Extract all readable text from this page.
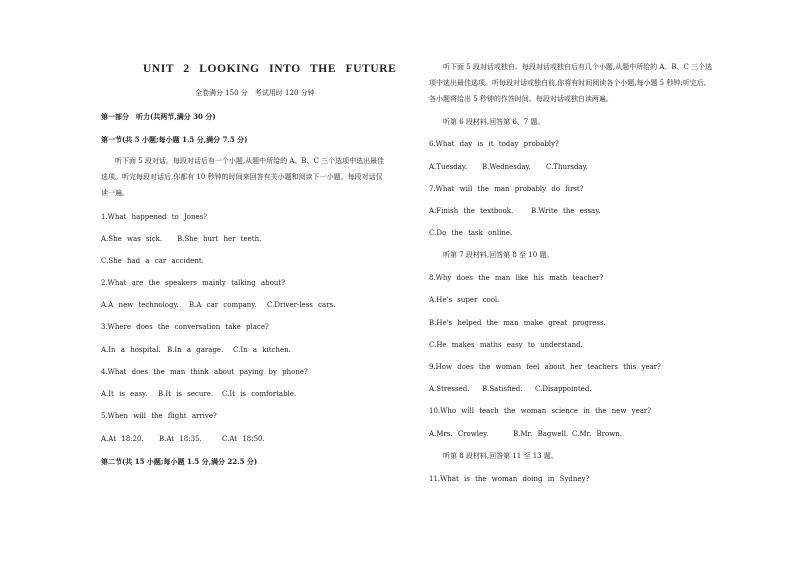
UNIT 2 LOOKING INTO THE FUTURE
全卷满分 150 分　考试用时 120 分钟
第一部分　听力(共两节,满分 30 分)
第一节(共 5 小题;每小题 1.5 分,满分 7.5 分)
听下面 5 段对话。每段对话后有一个小题,从题中所给的 A、B、C 三个选项中选出最佳
选项。听完每段对话后,你都有 10 秒钟的时间来回答有关小题和阅读下一小题。每段对话仅
读一遍。
1.What happened to Jones?
A.She was sick. B.She hurt her teeth.
C.She had a car accident.
2.What are the speakers mainly talking about?
A.A new technology. B.A car company. C.Driver-less cars.
3.Where does the conversation take place?
A.In a hospital. B.In a garage. C.In a kitchen.
4.What does the man think about paying by phone?
A.It is easy. B.It is secure. C.It is comfortable.
5.When will the flight arrive?
A.At 18:20. B.At 18:35.	C.At 18:50.
第二节(共 15 小题;每小题 1.5 分,满分 22.5 分)
听下面 5 段对话或独白。每段对话或独白后有几个小题,从题中所给的 A、B、C 三个选
项中选出最佳选项。听每段对话或独白前,你将有时间阅读各个小题,每小题 5 秒钟;听完后,
各小题将给出 5 秒钟的作答时间。每段对话或独白读两遍。
听第 6 段材料,回答第 6、7 题。
6.What day is it today probably?
A.Tuesday. B.Wednesday. C.Thursday.
7.What will the man probably do first?
A.Finish the textbook.	B.Write the essay.
C.Do the task online.
听第 7 段材料,回答第 8 至 10 题。
8.Why does the man like his math teacher?
A.He's super cool.
B.He's helped the man make great progress.
C.He makes maths easy to understand.
9.How does the woman feel about her teachers this year?
A.Stressed. B.Satisfied. C.Disappointed.
10.Who will teach the woman science in the new year?
A.Mrs. Crowley.	B.Mr. Bagwell. C.Mr. Brown.
听第 8 段材料,回答第 11 至 13 题。
11.What is the woman doing in Sydney?
